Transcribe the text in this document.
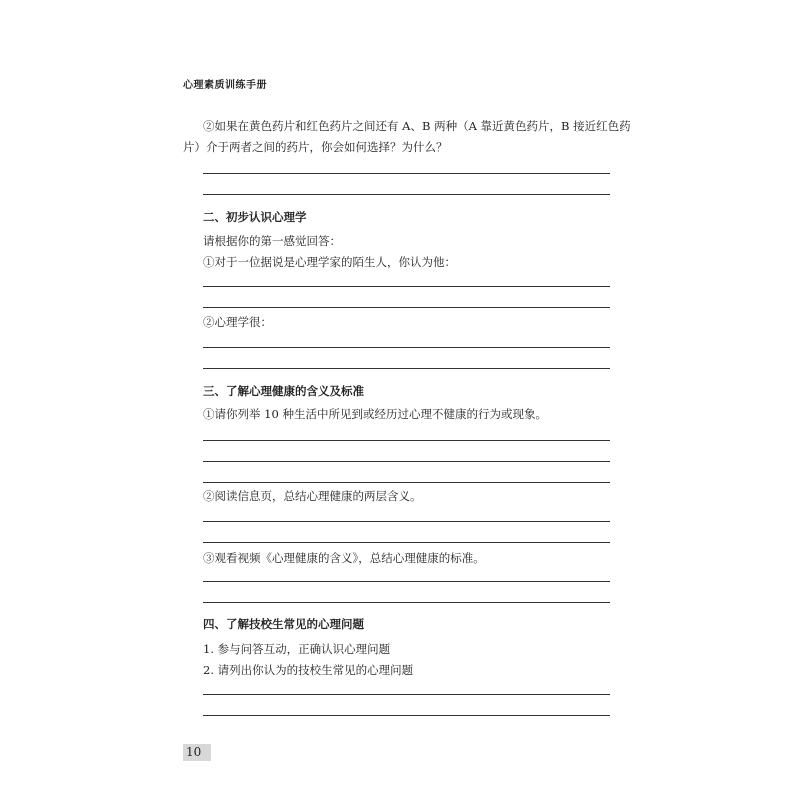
心理素质训练手册
②如果在黄色药片和红色药片之间还有 A、B 两种（A 靠近黄色药片，B 接近红色药
片）介于两者之间的药片，你会如何选择？为什么？
二、初步认识心理学
请根据你的第一感觉回答：
①对于一位据说是心理学家的陌生人，你认为他：
②心理学很：
三、了解心理健康的含义及标准
①请你列举 10 种生活中所见到或经历过心理不健康的行为或现象。
②阅读信息页，总结心理健康的两层含义。
③观看视频《心理健康的含义》，总结心理健康的标准。
四、了解技校生常见的心理问题
1. 参与问答互动，正确认识心理问题
2. 请列出你认为的技校生常见的心理问题
10
